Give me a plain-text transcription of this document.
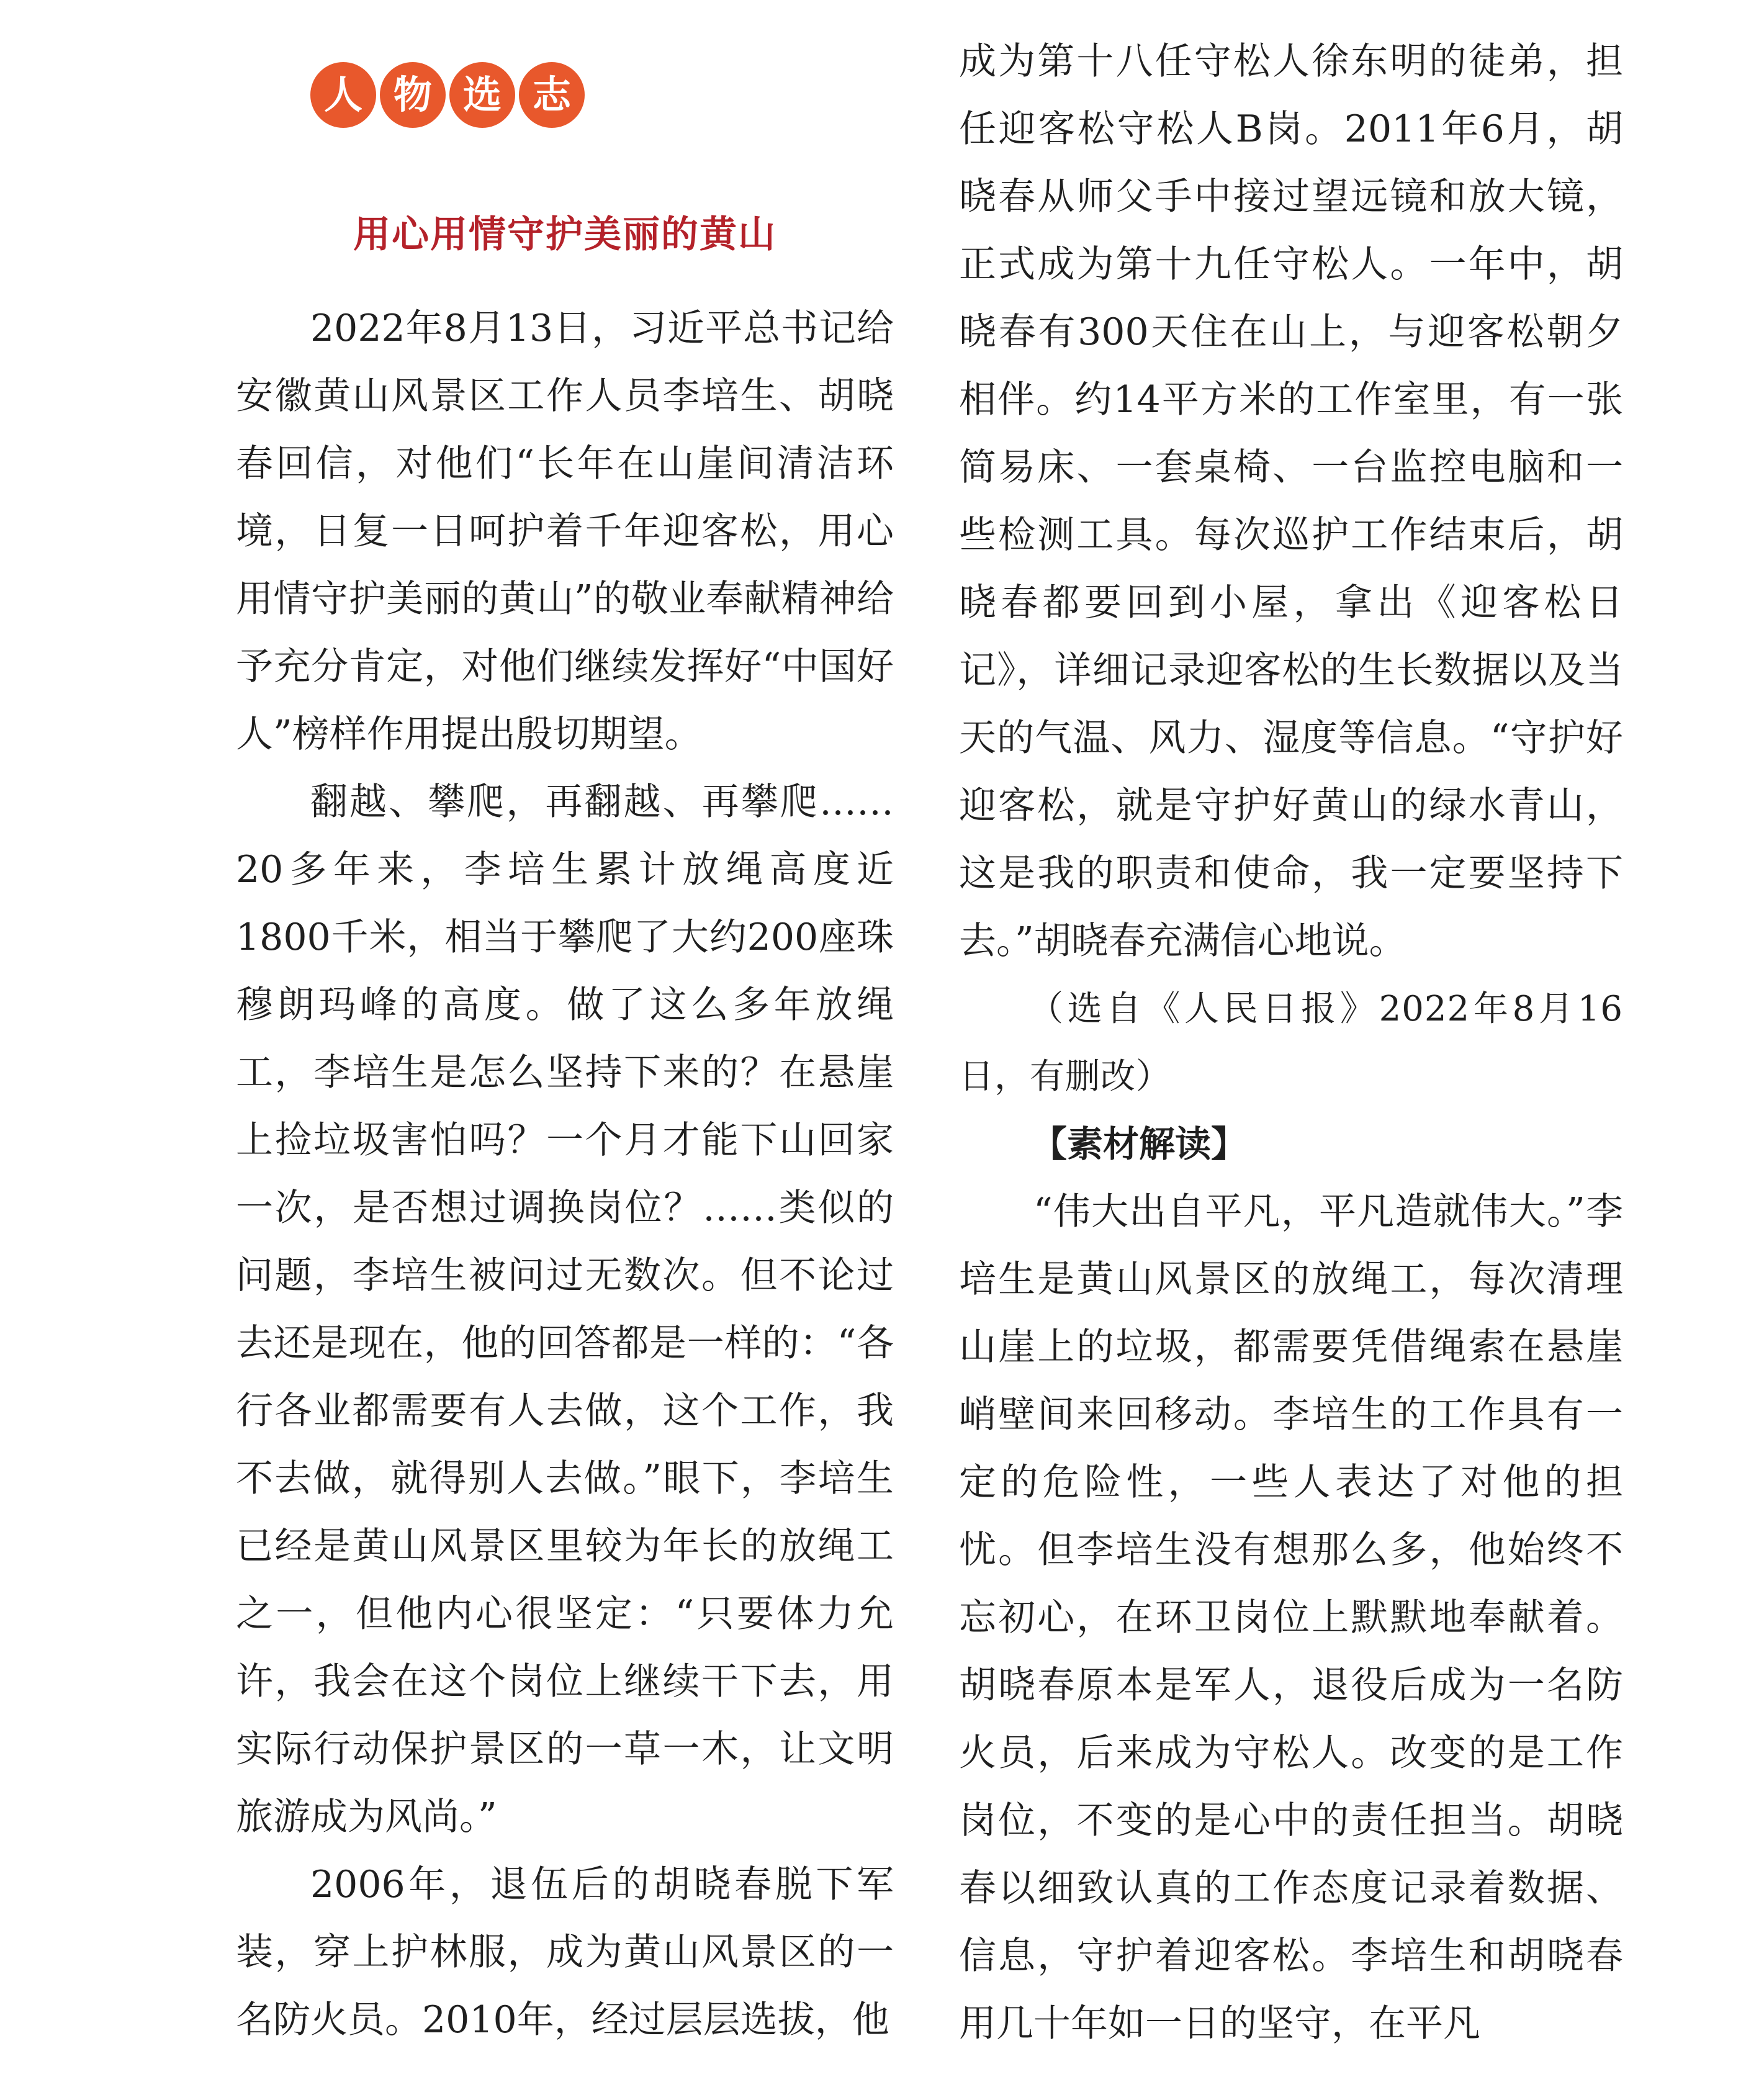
人 物 选 志
用心用情守护美丽的黄山

2022年8月13日，习近平总书记给安徽黄山风景区工作人员李培生、胡晓春回信，对他们“长年在山崖间清洁环境，日复一日呵护着千年迎客松，用心用情守护美丽的黄山”的敬业奉献精神给予充分肯定，对他们继续发挥好“中国好人”榜样作用提出殷切期望。

翻越、攀爬，再翻越、再攀爬……20多年来，李培生累计放绳高度近1800千米，相当于攀爬了大约200座珠穆朗玛峰的高度。做了这么多年放绳工，李培生是怎么坚持下来的？在悬崖上捡垃圾害怕吗？一个月才能下山回家一次，是否想过调换岗位？……类似的问题，李培生被问过无数次。但不论过去还是现在，他的回答都是一样的：“各行各业都需要有人去做，这个工作，我不去做，就得别人去做。”眼下，李培生已经是黄山风景区里较为年长的放绳工之一，但他内心很坚定：“只要体力允许，我会在这个岗位上继续干下去，用实际行动保护景区的一草一木，让文明旅游成为风尚。”

2006年，退伍后的胡晓春脱下军装，穿上护林服，成为黄山风景区的一名防火员。2010年，经过层层选拔，他

成为第十八任守松人徐东明的徒弟，担任迎客松守松人B岗。2011年6月，胡晓春从师父手中接过望远镜和放大镜，正式成为第十九任守松人。一年中，胡晓春有300天住在山上，与迎客松朝夕相伴。约14平方米的工作室里，有一张简易床、一套桌椅、一台监控电脑和一些检测工具。每次巡护工作结束后，胡晓春都要回到小屋，拿出《迎客松日记》，详细记录迎客松的生长数据以及当天的气温、风力、湿度等信息。“守护好迎客松，就是守护好黄山的绿水青山，这是我的职责和使命，我一定要坚持下去。”胡晓春充满信心地说。

（选自《人民日报》2022年8月16日，有删改）

【素材解读】

“伟大出自平凡，平凡造就伟大。”李培生是黄山风景区的放绳工，每次清理山崖上的垃圾，都需要凭借绳索在悬崖峭壁间来回移动。李培生的工作具有一定的危险性，一些人表达了对他的担忧。但李培生没有想那么多，他始终不忘初心，在环卫岗位上默默地奉献着。胡晓春原本是军人，退役后成为一名防火员，后来成为守松人。改变的是工作岗位，不变的是心中的责任担当。胡晓春以细致认真的工作态度记录着数据、信息，守护着迎客松。李培生和胡晓春用几十年如一日的坚守，在平凡
